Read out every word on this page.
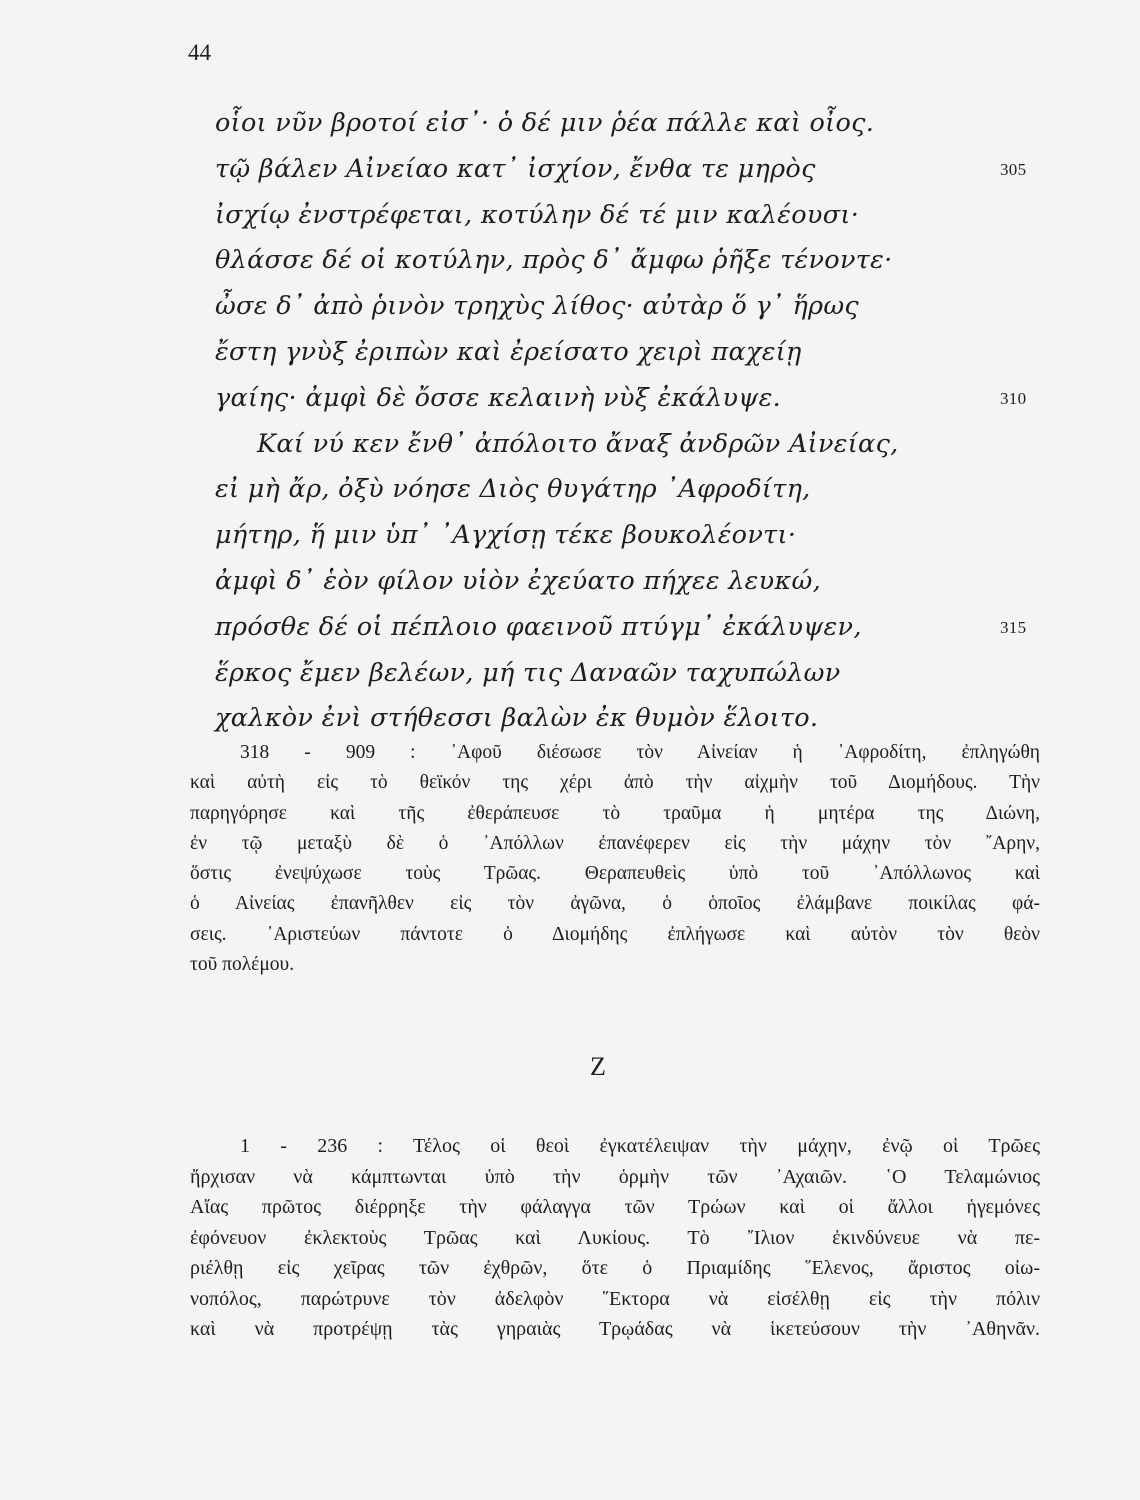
44
οἷοι νῦν βροτοί εἰσ᾽· ὁ δέ μιν ῥέα πάλλε καὶ οἶος.
τῷ βάλεν Αἰνείαο κατ᾽ ἰσχίον, ἔνθα τε μηρὸς	305
ἰσχίῳ ἐνστρέφεται, κοτύλην δέ τέ μιν καλέουσι·
θλάσσε δέ οἱ κοτύλην, πρὸς δ᾽ ἄμφω ῥῆξε τένοντε·
ὦσε δ᾽ ἀπὸ ῥινὸν τρηχὺς λίθος· αὐτὰρ ὅ γ᾽ ἥρως
ἔστη γνὺξ ἐριπὼν καὶ ἐρείσατο χειρὶ παχείῃ
γαίης· ἀμφὶ δὲ ὄσσε κελαινὴ νὺξ ἐκάλυψε.	310
Καί νύ κεν ἔνθ᾽ ἀπόλοιτο ἄναξ ἀνδρῶν Αἰνείας,
εἰ μὴ ἄρ, ὀξὺ νόησε Διὸς θυγάτηρ ᾽Αφροδίτη,
μήτηρ, ἥ μιν ὑπ᾽ ᾽Αγχίσῃ τέκε βουκολέοντι·
ἀμφὶ δ᾽ ἑὸν φίλον υἱὸν ἐχεύατο πήχεε λευκώ,
πρόσθε δέ οἱ πέπλοιο φαεινοῦ πτύγμ᾽ ἐκάλυψεν,	315
ἕρκος ἔμεν βελέων, μή τις Δαναῶν ταχυπώλων
χαλκὸν ἐνὶ στήθεσσι βαλὼν ἐκ θυμὸν ἕλοιτο.
318 - 909 : ᾽Αφοῦ διέσωσε τὸν Αἰνείαν ἡ ᾽Αφροδίτη, ἐπληγώθη
καὶ αὐτὴ εἰς τὸ θεϊκόν της χέρι ἀπὸ τὴν αἰχμὴν τοῦ Διομήδους. Τὴν
παρηγόρησε καὶ τῆς ἐθεράπευσε τὸ τραῦμα ἡ μητέρα της Διώνη,
ἐν τῷ μεταξὺ δὲ ὁ ᾽Απόλλων ἐπανέφερεν εἰς τὴν μάχην τὸν ῎Αρην,
ὅστις ἐνεψύχωσε τοὺς Τρῶας. Θεραπευθεὶς ὑπὸ τοῦ ᾽Απόλλωνος καὶ
ὁ Αἰνείας ἐπανῆλθεν εἰς τὸν ἀγῶνα, ὁ ὁποῖος ἐλάμβανε ποικίλας φά-
σεις. ᾽Αριστεύων πάντοτε ὁ Διομήδης ἐπλήγωσε καὶ αὐτὸν τὸν θεὸν
τοῦ πολέμου.
Ζ
1 - 236 : Τέλος οἱ θεοὶ ἐγκατέλειψαν τὴν μάχην, ἐνῷ οἱ Τρῶες
ἤρχισαν νὰ κάμπτωνται ὑπὸ τὴν ὁρμὴν τῶν ᾽Αχαιῶν. ῾Ο Τελαμώνιος
Αἴας πρῶτος διέρρηξε τὴν φάλαγγα τῶν Τρώων καὶ οἱ ἄλλοι ἡγεμόνες
ἐφόνευον ἐκλεκτοὺς Τρῶας καὶ Λυκίους. Τὸ ῎Ιλιον ἐκινδύνευε νὰ πε-
ριέλθῃ εἰς χεῖρας τῶν ἐχθρῶν, ὅτε ὁ Πριαμίδης ῞Ελενος, ἄριστος οἰω-
νοπόλος, παρώτρυνε τὸν ἀδελφὸν ῞Εκτορα νὰ εἰσέλθῃ εἰς τὴν πόλιν
καὶ νὰ προτρέψῃ τὰς γηραιὰς Τρῳάδας νὰ ἱκετεύσουν τὴν ᾽Αθηνᾶν.
